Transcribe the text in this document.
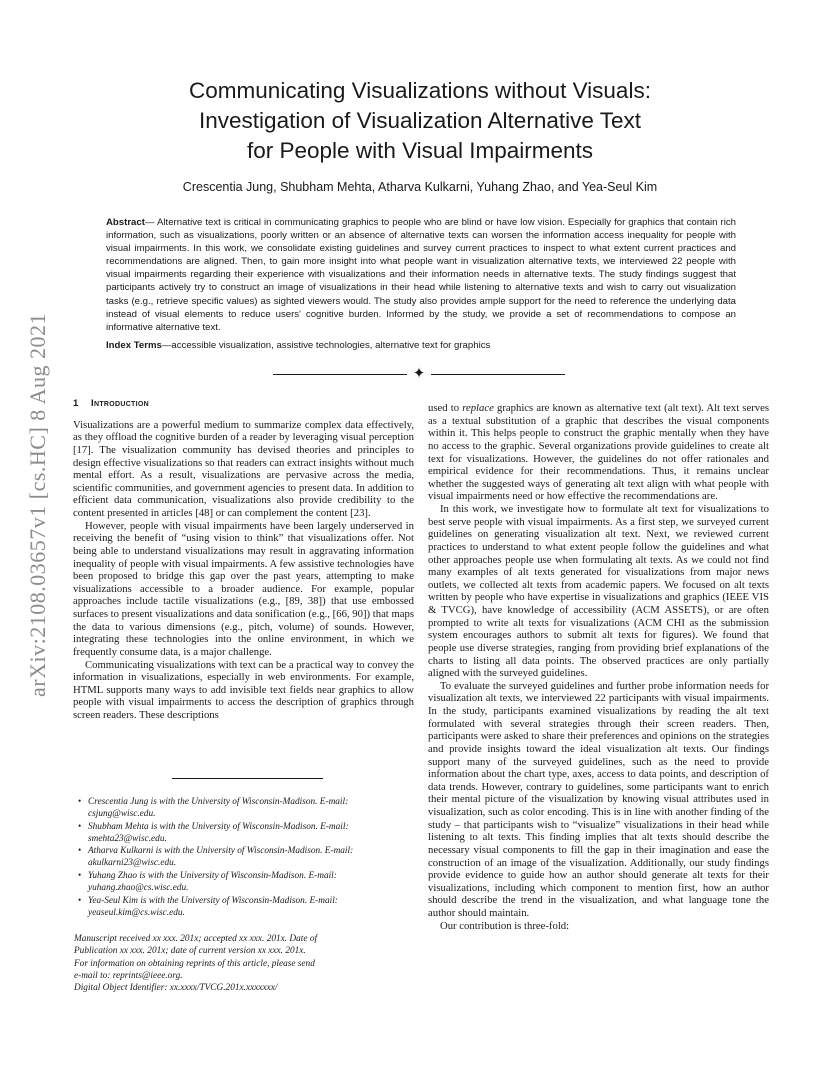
arXiv:2108.03657v1 [cs.HC] 8 Aug 2021
Communicating Visualizations without Visuals:
Investigation of Visualization Alternative Text
for People with Visual Impairments

Crescentia Jung, Shubham Mehta, Atharva Kulkarni, Yuhang Zhao, and Yea-Seul Kim

Abstract— Alternative text is critical in communicating graphics to people who are blind or have low vision. Especially for graphics that contain rich information, such as visualizations, poorly written or an absence of alternative texts can worsen the information access inequality for people with visual impairments. In this work, we consolidate existing guidelines and survey current practices to inspect to what extent current practices and recommendations are aligned. Then, to gain more insight into what people want in visualization alternative texts, we interviewed 22 people with visual impairments regarding their experience with visualizations and their information needs in alternative texts. The study findings suggest that participants actively try to construct an image of visualizations in their head while listening to alternative texts and wish to carry out visualization tasks (e.g., retrieve specific values) as sighted viewers would. The study also provides ample support for the need to reference the underlying data instead of visual elements to reduce users' cognitive burden. Informed by the study, we provide a set of recommendations to compose an informative alternative text.

Index Terms—accessible visualization, assistive technologies, alternative text for graphics

✦
1 Introduction

Visualizations are a powerful medium to summarize complex data effectively, as they offload the cognitive burden of a reader by leveraging visual perception [17]. The visualization community has devised theories and principles to design effective visualizations so that readers can extract insights without much mental effort. As a result, visualizations are pervasive across the media, scientific communities, and government agencies to present data. In addition to efficient data communication, visualizations also provide credibility to the content presented in articles [48] or can complement the content [23].

However, people with visual impairments have been largely underserved in receiving the benefit of “using vision to think” that visualizations offer. Not being able to understand visualizations may result in aggravating information inequality of people with visual impairments. A few assistive technologies have been proposed to bridge this gap over the past years, attempting to make visualizations accessible to a broader audience. For example, popular approaches include tactile visualizations (e.g., [89, 38]) that use embossed surfaces to present visualizations and data sonification (e.g., [66, 90]) that maps the data to various dimensions (e.g., pitch, volume) of sounds. However, integrating these technologies into the online environment, in which we frequently consume data, is a major challenge.

Communicating visualizations with text can be a practical way to convey the information in visualizations, especially in web environments. For example, HTML supports many ways to add invisible text fields near graphics to allow people with visual impairments to access the description of graphics through screen readers. These descriptions

• Crescentia Jung is with the University of Wisconsin-Madison. E-mail:
csjung@wisc.edu.
• Shubham Mehta is with the University of Wisconsin-Madison. E-mail:
smehta23@wisc.edu.
• Atharva Kulkarni is with the University of Wisconsin-Madison. E-mail:
akulkarni23@wisc.edu.
• Yuhang Zhao is with the University of Wisconsin-Madison. E-mail:
yuhang.zhao@cs.wisc.edu.
• Yea-Seul Kim is with the University of Wisconsin-Madison. E-mail:
yeaseul.kim@cs.wisc.edu.

Manuscript received xx xxx. 201x; accepted xx xxx. 201x. Date of
Publication xx xxx. 201x; date of current version xx xxx. 201x.
For information on obtaining reprints of this article, please send
e-mail to: reprints@ieee.org.
Digital Object Identifier: xx.xxxx/TVCG.201x.xxxxxxx/

used to replace graphics are known as alternative text (alt text). Alt text serves as a textual substitution of a graphic that describes the visual components within it. This helps people to construct the graphic mentally when they have no access to the graphic. Several organizations provide guidelines to create alt text for visualizations. However, the guidelines do not offer rationales and empirical evidence for their recommendations. Thus, it remains unclear whether the suggested ways of generating alt text align with what people with visual impairments need or how effective the recommendations are.

In this work, we investigate how to formulate alt text for visualizations to best serve people with visual impairments. As a first step, we surveyed current guidelines on generating visualization alt text. Next, we reviewed current practices to understand to what extent people follow the guidelines and what other approaches people use when formulating alt texts. As we could not find many examples of alt texts generated for visualizations from major news outlets, we collected alt texts from academic papers. We focused on alt texts written by people who have expertise in visualizations and graphics (IEEE VIS & TVCG), have knowledge of accessibility (ACM ASSETS), or are often prompted to write alt texts for visualizations (ACM CHI as the submission system encourages authors to submit alt texts for figures). We found that people use diverse strategies, ranging from providing brief explanations of the charts to listing all data points. The observed practices are only partially aligned with the surveyed guidelines.

To evaluate the surveyed guidelines and further probe information needs for visualization alt texts, we interviewed 22 participants with visual impairments. In the study, participants examined visualizations by reading the alt text formulated with several strategies through their screen readers. Then, participants were asked to share their preferences and opinions on the strategies and provide insights toward the ideal visualization alt texts. Our findings support many of the surveyed guidelines, such as the need to provide information about the chart type, axes, access to data points, and description of data trends. However, contrary to guidelines, some participants want to enrich their mental picture of the visualization by knowing visual attributes used in visualization, such as color encoding. This is in line with another finding of the study – that participants wish to “visualize” visualizations in their head while listening to alt texts. This finding implies that alt texts should describe the necessary visual components to fill the gap in their imagination and ease the construction of an image of the visualization. Additionally, our study findings provide evidence to guide how an author should generate alt texts for their visualizations, including which component to mention first, how an author should describe the trend in the visualization, and what language tone the author should maintain.

Our contribution is three-fold:
